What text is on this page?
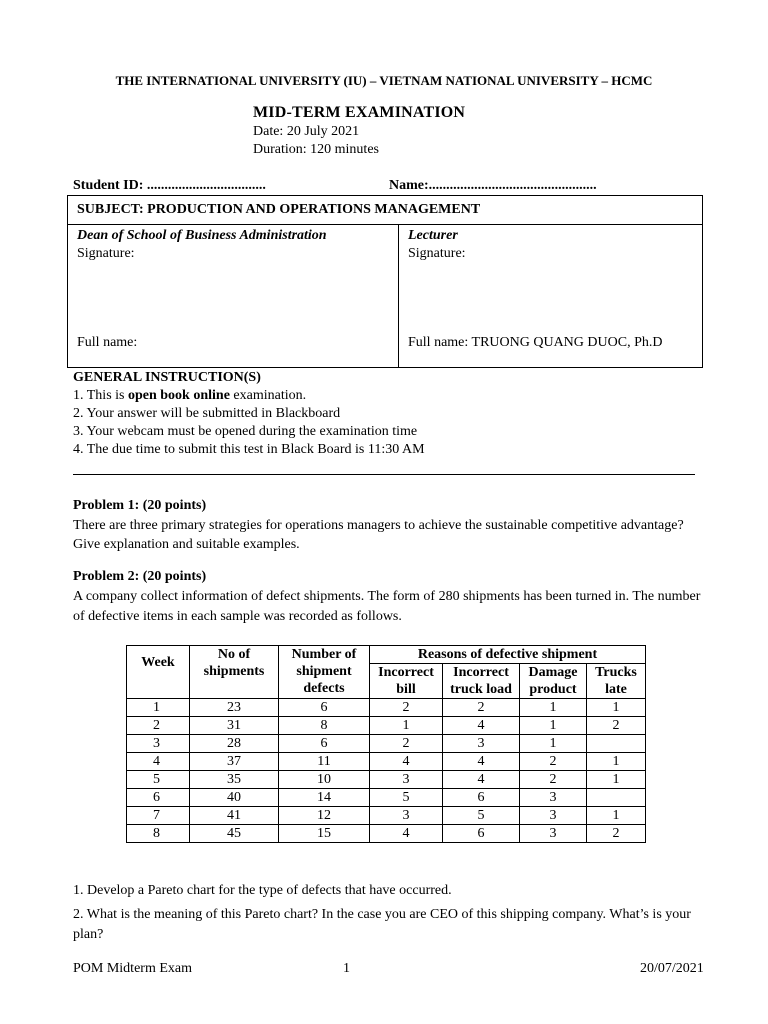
THE INTERNATIONAL UNIVERSITY (IU) – VIETNAM NATIONAL UNIVERSITY – HCMC
MID-TERM EXAMINATION
Date: 20 July 2021
Duration: 120 minutes
Student ID: ..................................	Name:................................................
SUBJECT: PRODUCTION AND OPERATIONS MANAGEMENT

Dean of School of Business Administration
Signature:
Full name:

Lecturer
Signature:
Full name: TRUONG QUANG DUOC, Ph.D
GENERAL INSTRUCTION(S)
1. This is open book online examination.
2. Your answer will be submitted in Blackboard
3. Your webcam must be opened during the examination time
4. The due time to submit this test in Black Board is 11:30 AM
Problem 1: (20 points)
There are three primary strategies for operations managers to achieve the sustainable competitive advantage? Give explanation and suitable examples.
Problem 2: (20 points)
A company collect information of defect shipments. The form of 280 shipments has been turned in. The number of defective items in each sample was recorded as follows.
Week	No of shipments	Number of shipment defects	Reasons of defective shipment			
			Incorrect bill	Incorrect truck load	Damage product	Trucks late
1	23	6	2	2	1	1
2	31	8	1	4	1	2
3	28	6	2	3	1	
4	37	11	4	4	2	1
5	35	10	3	4	2	1
6	40	14	5	6	3	
7	41	12	3	5	3	1
8	45	15	4	6	3	2
1. Develop a Pareto chart for the type of defects that have occurred.
2. What is the meaning of this Pareto chart? In the case you are CEO of this shipping company. What’s is your plan?
POM Midterm Exam	1	20/07/2021
